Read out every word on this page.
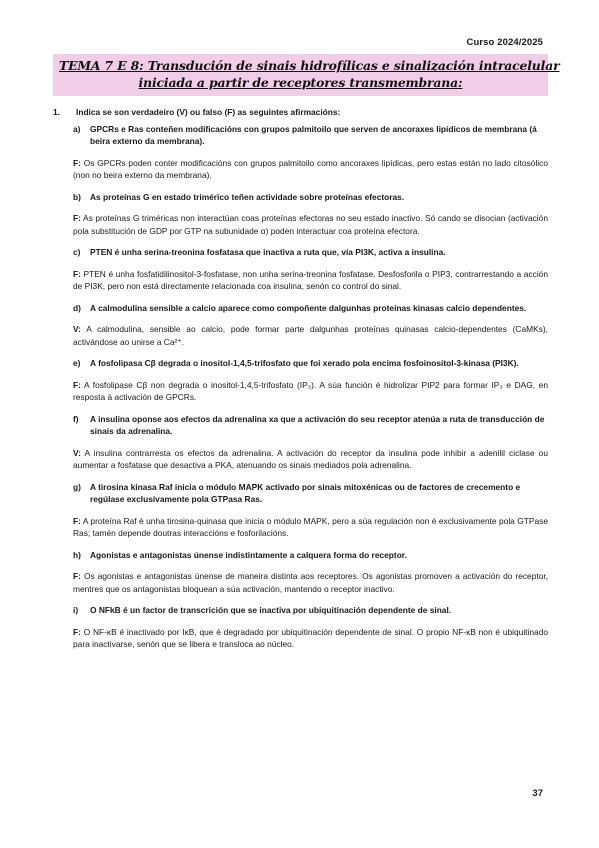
Curso 2024/2025
TEMA 7 E 8: Transdución de sinais hidrofílicas e sinalización intracelular
iniciada a partir de receptores transmembrana:
1. Indica se son verdadeiro (V) ou falso (F) as seguintes afirmacións:
a) GPCRs e Ras conteñen modificacións con grupos palmitoilo que serven de ancoraxes lipídicos de membrana (á beira externo da membrana).
F: Os GPCRs poden conter modificacións con grupos palmitoilo como ancoraxes lipídicas, pero estas están no lado citosólico (non no beira externo da membrana).
b) As proteínas G en estado trimérico teñen actividade sobre proteínas efectoras.
F: As proteínas G triméricas non interactúan coas proteínas efectoras no seu estado inactivo. Só cando se disocian (activación pola substitución de GDP por GTP na subunidade α) poden interactuar coa proteína efectora.
c) PTEN é unha serina-treonina fosfatasa que inactiva a ruta que, vía PI3K, activa a insulina.
F: PTEN é unha fosfatidilinositol-3-fosfatase, non unha serina-treonina fosfatase. Desfosforila o PIP3, contrarrestando a acción de PI3K, pero non está directamente relacionada coa insulina, senón co control do sinal.
d) A calmodulina sensible a calcio aparece como compoñente dalgunhas proteínas kinasas calcio dependentes.
V: A calmodulina, sensible ao calcio, pode formar parte dalgunhas proteínas quinasas calcio-dependentes (CaMKs), activándose ao unirse a Ca²⁺.
e) A fosfolipasa Cβ degrada o inositol-1,4,5-trifosfato que foi xerado pola encima fosfoinositol-3-kinasa (PI3K).
F: A fosfolipase Cβ non degrada o inositol-1,4,5-trifosfato (IP₃). A súa función é hidrolizar PIP2 para formar IP₃ e DAG, en resposta á activación de GPCRs.
f) A insulina oponse aos efectos da adrenalina xa que a activación do seu receptor atenúa a ruta de transducción de sinais da adrenalina.
V: A insulina contrarresta os efectos da adrenalina. A activación do receptor da insulina pode inhibir a adenilil ciclase ou aumentar a fosfatase que desactiva a PKA, atenuando os sinais mediados pola adrenalina.
g) A tirosina kinasa Raf inicia o módulo MAPK activado por sinais mitoxénicas ou de factores de crecemento e regúlase exclusivamente pola GTPasa Ras.
F: A proteína Raf é unha tirosina-quinasa que inicia o módulo MAPK, pero a súa regulación non é exclusivamente pola GTPase Ras; tamén depende doutras interaccións e fosforilacións.
h) Agonistas e antagonistas únense indistintamente a calquera forma do receptor.
F: Os agonistas e antagonistas únense de maneira distinta aos receptores. Os agonistas promoven a activación do receptor, mentres que os antagonistas bloquean a súa activación, mantendo o receptor inactivo.
i) O NFkB é un factor de transcrición que se inactiva por ubiquitinación dependente de sinal.
F: O NF-κB é inactivado por IκB, que é degradado por ubiquitinación dependente de sinal. O propio NF-κB non é ubiquitinado para inactivarse, senón que se libera e transloca ao núcleo.
37
